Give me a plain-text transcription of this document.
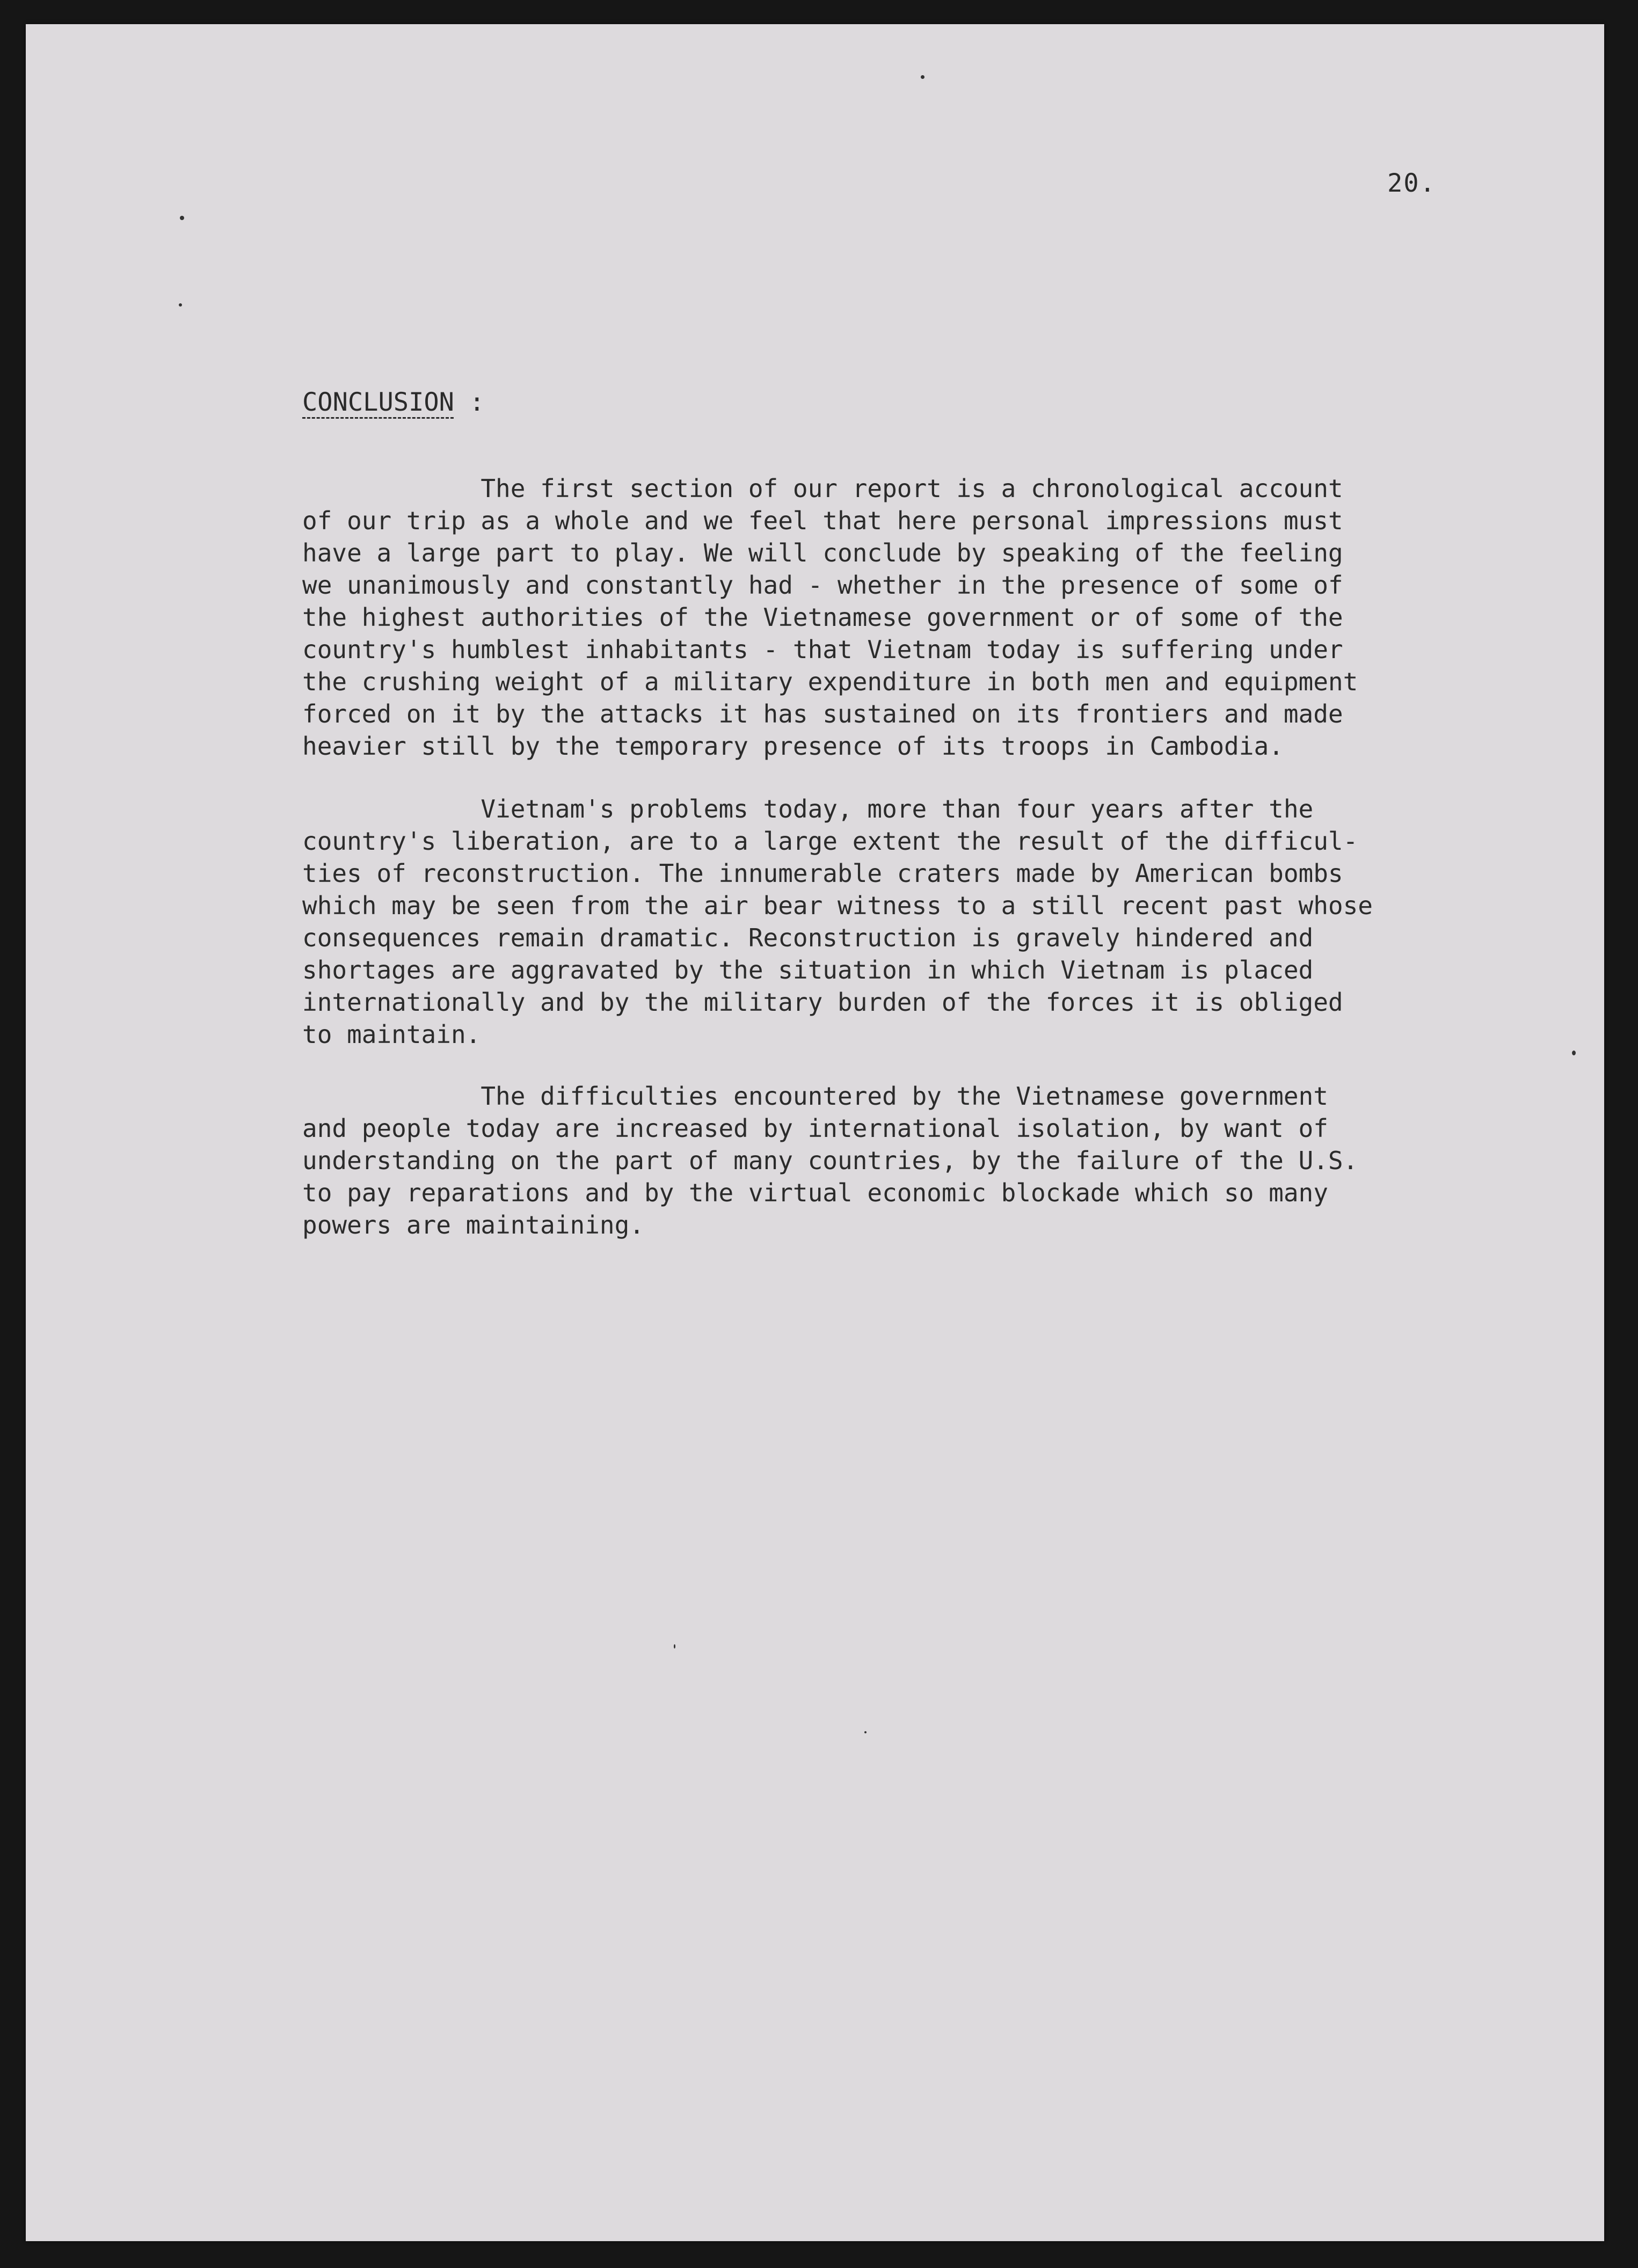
20.
CONCLUSION :
The first section of our report is a chronological account
of our trip as a whole and we feel that here personal impressions must
have a large part to play. We will conclude by speaking of the feeling
we unanimously and constantly had - whether in the presence of some of
the highest authorities of the Vietnamese government or of some of the
country's humblest inhabitants - that Vietnam today is suffering under
the crushing weight of a military expenditure in both men and equipment
forced on it by the attacks it has sustained on its frontiers and made
heavier still by the temporary presence of its troops in Cambodia.
Vietnam's problems today, more than four years after the
country's liberation, are to a large extent the result of the difficul-
ties of reconstruction. The innumerable craters made by American bombs
which may be seen from the air bear witness to a still recent past whose
consequences remain dramatic. Reconstruction is gravely hindered and
shortages are aggravated by the situation in which Vietnam is placed
internationally and by the military burden of the forces it is obliged
to maintain.
The difficulties encountered by the Vietnamese government
and people today are increased by international isolation, by want of
understanding on the part of many countries, by the failure of the U.S.
to pay reparations and by the virtual economic blockade which so many
powers are maintaining.
